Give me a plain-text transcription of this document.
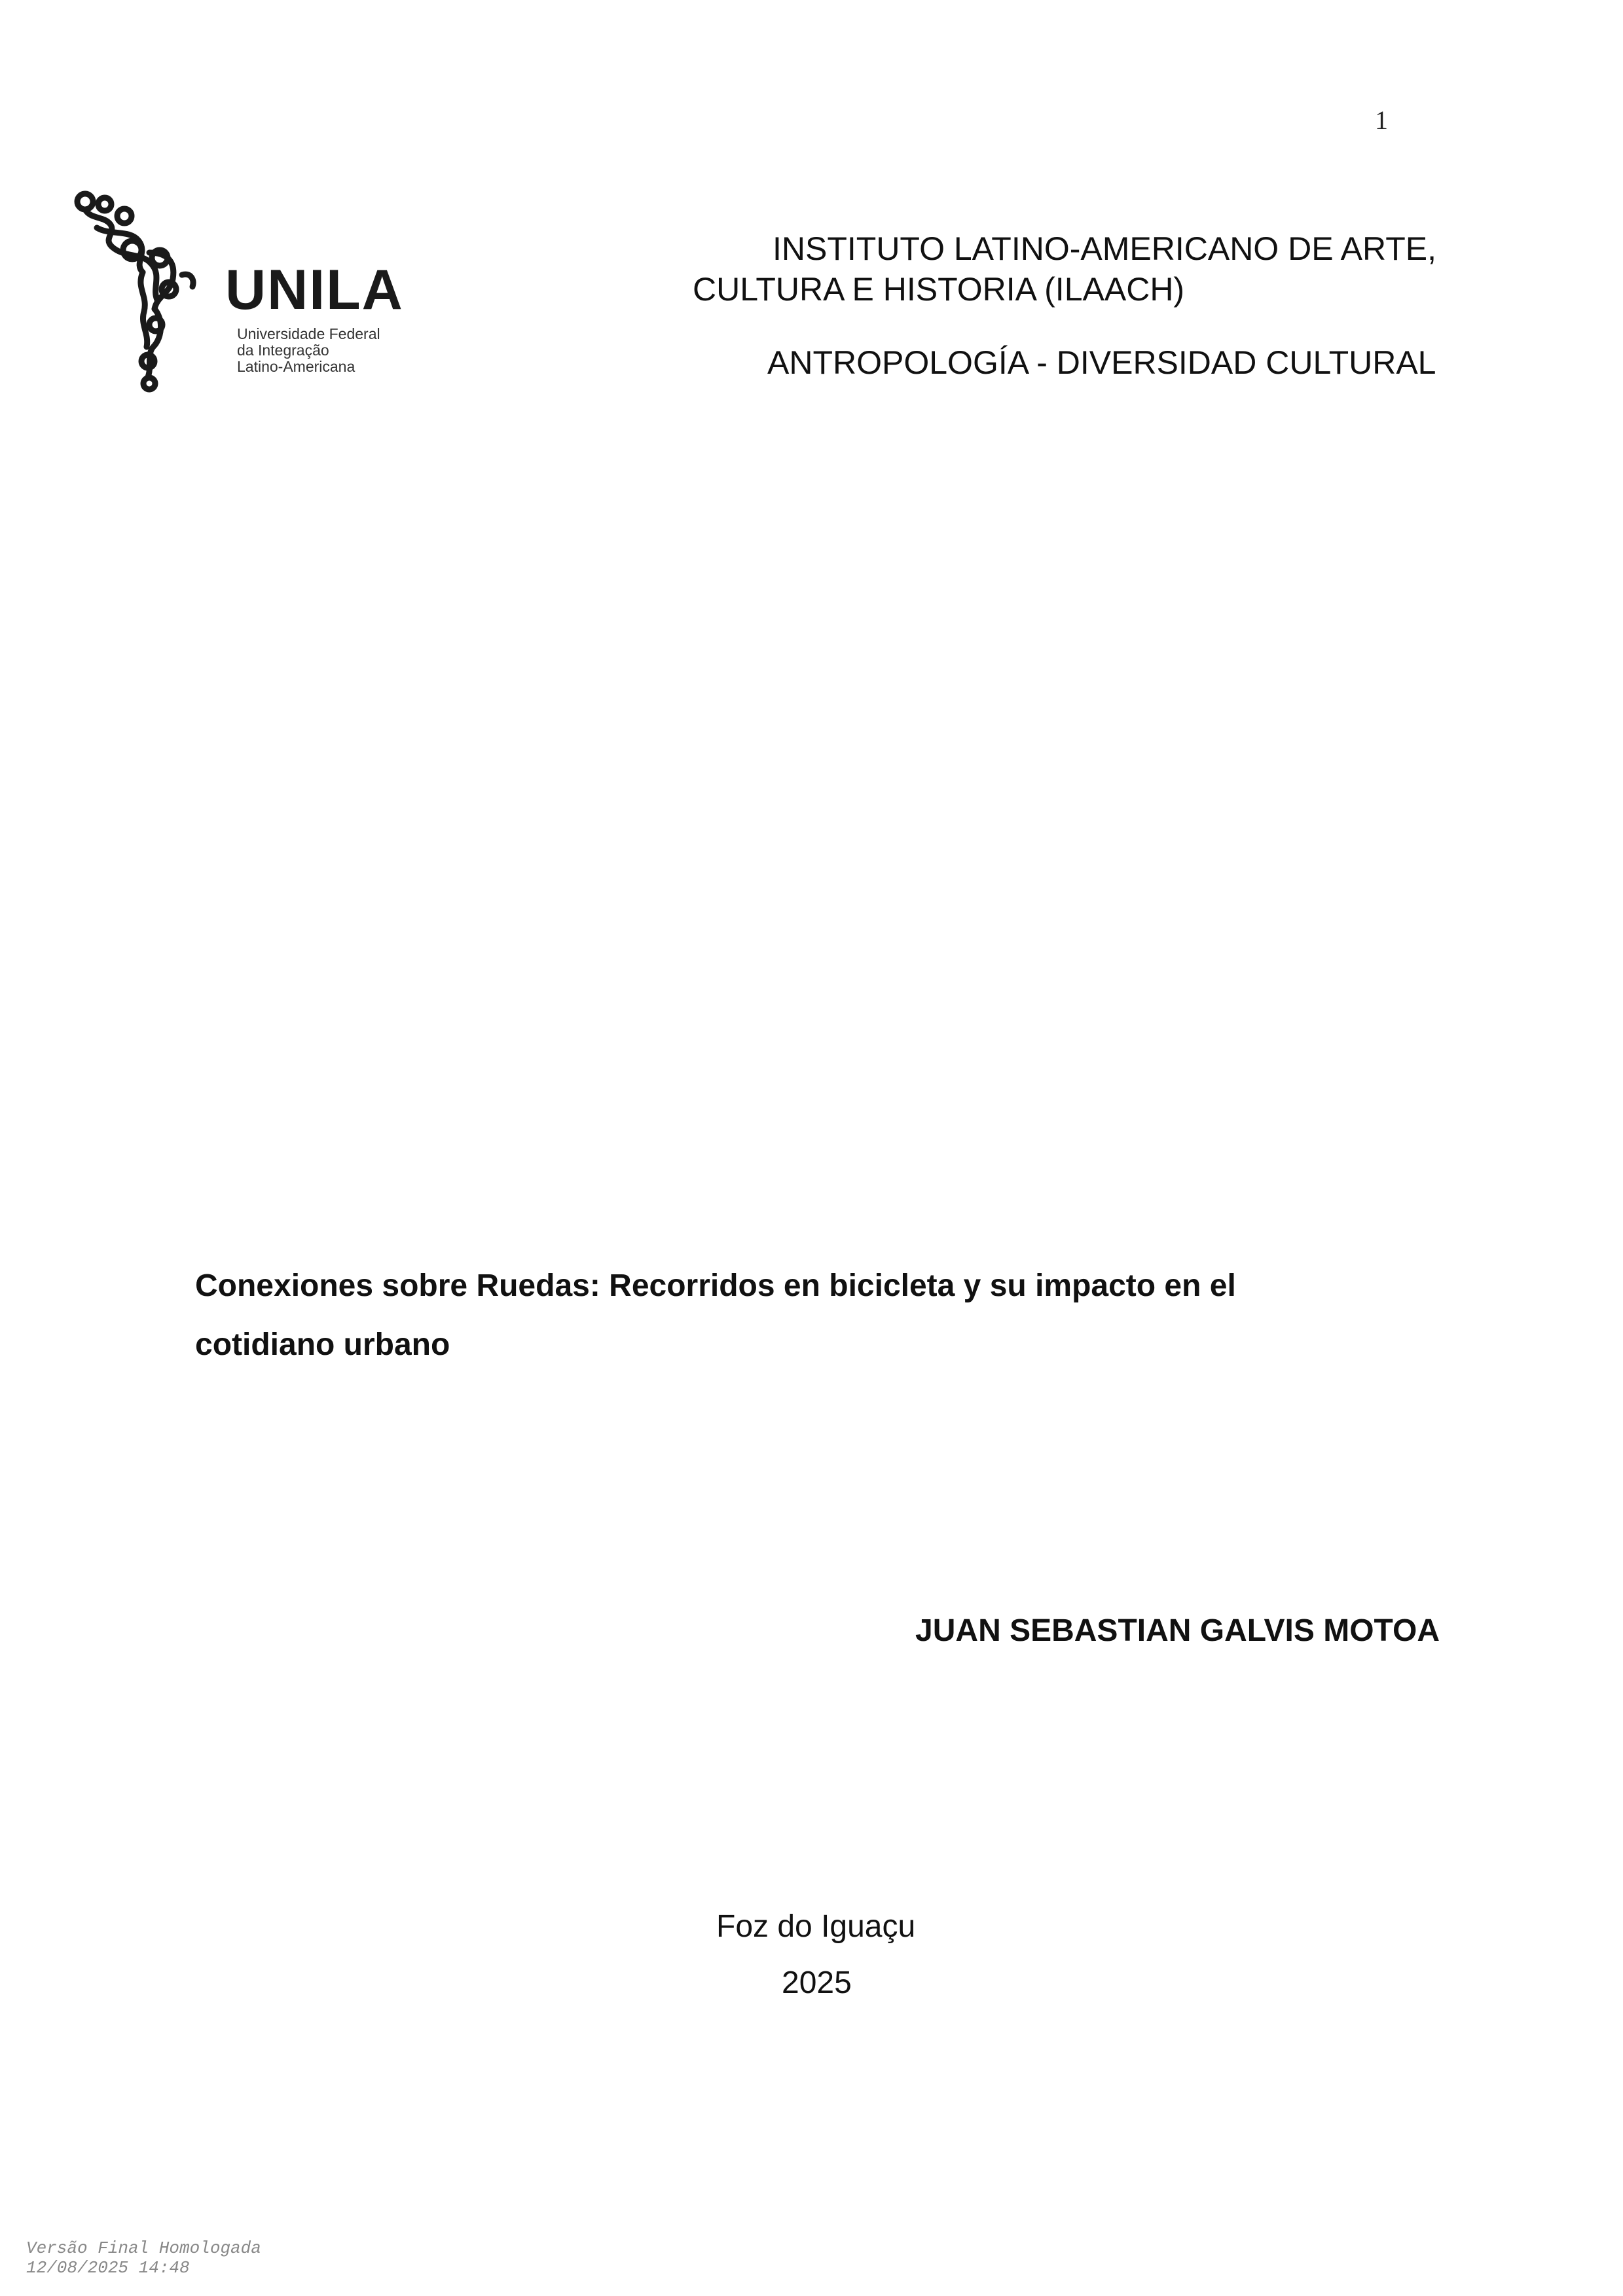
1
UNILA
Universidade Federal
da Integração
Latino-Americana
INSTITUTO LATINO-AMERICANO DE ARTE,
CULTURA E HISTORIA (ILAACH)
ANTROPOLOGÍA - DIVERSIDAD CULTURAL
Conexiones sobre Ruedas: Recorridos en bicicleta y su impacto en el
cotidiano urbano
JUAN SEBASTIAN GALVIS MOTOA
Foz do Iguaçu
2025
Versão Final Homologada
12/08/2025 14:48
